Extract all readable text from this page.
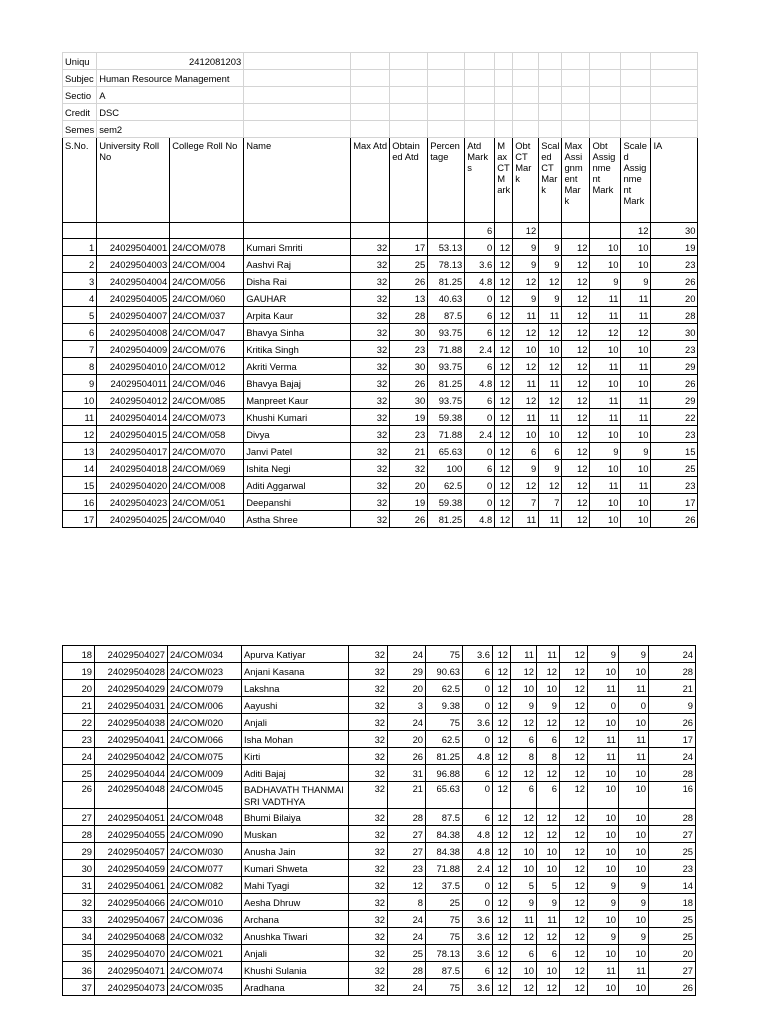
Uniqu	2412081203													
Subjec	Human Resource Management													
Sectio	A													
Credit	DSC													
Semes	sem2													
S.No.	University Roll No	College Roll No	Name	Max Atd	Obtain ed Atd	Percen tage	Atd Mark s	M ax CT M ark	Obt CT Mar k	Scal ed CT Mar k	Max Assi gnm ent Mar k	Obt Assig nme nt Mark	Scale d Assig nme nt Mark	IA
							6		12				12	30
1	24029504001	24/COM/078	Kumari Smriti	32	17	53.13	0	12	9	9	12	10	10	19
2	24029504003	24/COM/004	Aashvi Raj	32	25	78.13	3.6	12	9	9	12	10	10	23
3	24029504004	24/COM/056	Disha Rai	32	26	81.25	4.8	12	12	12	12	9	9	26
4	24029504005	24/COM/060	GAUHAR	32	13	40.63	0	12	9	9	12	11	11	20
5	24029504007	24/COM/037	Arpita Kaur	32	28	87.5	6	12	11	11	12	11	11	28
6	24029504008	24/COM/047	Bhavya Sinha	32	30	93.75	6	12	12	12	12	12	12	30
7	24029504009	24/COM/076	Kritika Singh	32	23	71.88	2.4	12	10	10	12	10	10	23
8	24029504010	24/COM/012	Akriti Verma	32	30	93.75	6	12	12	12	12	11	11	29
9	24029504011	24/COM/046	Bhavya Bajaj	32	26	81.25	4.8	12	11	11	12	10	10	26
10	24029504012	24/COM/085	Manpreet Kaur	32	30	93.75	6	12	12	12	12	11	11	29
11	24029504014	24/COM/073	Khushi Kumari	32	19	59.38	0	12	11	11	12	11	11	22
12	24029504015	24/COM/058	Divya	32	23	71.88	2.4	12	10	10	12	10	10	23
13	24029504017	24/COM/070	Janvi Patel	32	21	65.63	0	12	6	6	12	9	9	15
14	24029504018	24/COM/069	Ishita Negi	32	32	100	6	12	9	9	12	10	10	25
15	24029504020	24/COM/008	Aditi Aggarwal	32	20	62.5	0	12	12	12	12	11	11	23
16	24029504023	24/COM/051	Deepanshi	32	19	59.38	0	12	7	7	12	10	10	17
17	24029504025	24/COM/040	Astha Shree	32	26	81.25	4.8	12	11	11	12	10	10	26
18	24029504027	24/COM/034	Apurva Katiyar	32	24	75	3.6	12	11	11	12	9	9	24
19	24029504028	24/COM/023	Anjani Kasana	32	29	90.63	6	12	12	12	12	10	10	28
20	24029504029	24/COM/079	Lakshna	32	20	62.5	0	12	10	10	12	11	11	21
21	24029504031	24/COM/006	Aayushi	32	3	9.38	0	12	9	9	12	0	0	9
22	24029504038	24/COM/020	Anjali	32	24	75	3.6	12	12	12	12	10	10	26
23	24029504041	24/COM/066	Isha Mohan	32	20	62.5	0	12	6	6	12	11	11	17
24	24029504042	24/COM/075	Kirti	32	26	81.25	4.8	12	8	8	12	11	11	24
25	24029504044	24/COM/009	Aditi Bajaj	32	31	96.88	6	12	12	12	12	10	10	28
26	24029504048	24/COM/045	BADHAVATH THANMAI SRI VADTHYA	32	21	65.63	0	12	6	6	12	10	10	16
27	24029504051	24/COM/048	Bhumi Bilaiya	32	28	87.5	6	12	12	12	12	10	10	28
28	24029504055	24/COM/090	Muskan	32	27	84.38	4.8	12	12	12	12	10	10	27
29	24029504057	24/COM/030	Anusha Jain	32	27	84.38	4.8	12	10	10	12	10	10	25
30	24029504059	24/COM/077	Kumari Shweta	32	23	71.88	2.4	12	10	10	12	10	10	23
31	24029504061	24/COM/082	Mahi Tyagi	32	12	37.5	0	12	5	5	12	9	9	14
32	24029504066	24/COM/010	Aesha Dhruw	32	8	25	0	12	9	9	12	9	9	18
33	24029504067	24/COM/036	Archana	32	24	75	3.6	12	11	11	12	10	10	25
34	24029504068	24/COM/032	Anushka Tiwari	32	24	75	3.6	12	12	12	12	9	9	25
35	24029504070	24/COM/021	Anjali	32	25	78.13	3.6	12	6	6	12	10	10	20
36	24029504071	24/COM/074	Khushi Sulania	32	28	87.5	6	12	10	10	12	11	11	27
37	24029504073	24/COM/035	Aradhana	32	24	75	3.6	12	12	12	12	10	10	26
